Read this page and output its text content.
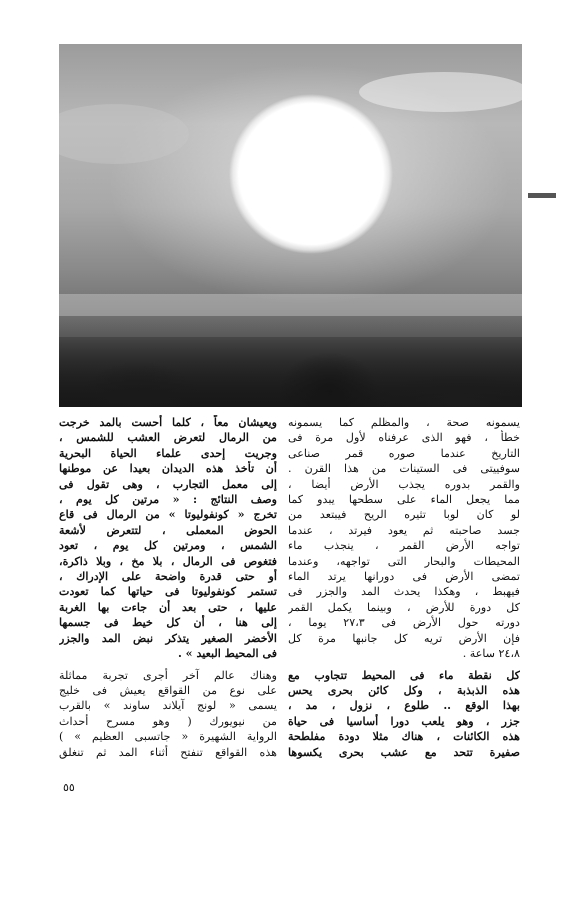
يسمونه صحة ، والمظلم كما يسمونه
خطأ ، فهو الذى عرفناه لأول مرة فى
التاريخ عندما صوره قمر صناعى
سوفييتى فى الستينات من هذا القرن .
والقمر بدوره يجذب الأرض أيضا ،
مما يجعل الماء على سطحها يبدو كما
لو كان لوبا تثيره الريح فيبتعد من
جسد صاحبته ثم يعود فيرتد ، عندما
تواجه الأرض القمر ، ينجذب ماء
المحيطات والبحار التى تواجهه، وعندما
تمضى الأرض فى دورانها يرتد الماء
فيهبط ، وهكذا يحدث المد والجزر فى
كل دورة للأرض ، وبينما يكمل القمر
دورته حول الأرض فى ٢٧،٣ يوما ،
فإن الأرض تريه كل جانبها مرة كل
٢٤،٨ ساعة .
كل نقطة ماء فى المحيط تتجاوب مع
هذه الذبذبة ، وكل كائن بحرى يحس
بهذا الوقع .. طلوع ، نزول ، مد ،
جزر ، وهو يلعب دورا أساسيا فى حياة
هذه الكائنات ، هناك مثلا دودة مفلطحة
صفيرة تتحد مع عشب بحرى يكسوها
ويعيشان معاً ، كلما أحست بالمد خرجت
من الرمال لتعرض العشب للشمس ،
وجريت إحدى علماء الحياة البحرية
أن تأخذ هذه الديدان بعيدا عن موطنها
إلى معمل التجارب ، وهى تقول فى
وصف النتائج : « مرتين كل يوم ،
تخرج « كونفوليوتا » من الرمال فى قاع
الحوض المعملى ، لتتعرض لأشعة
الشمس ، ومرتين كل يوم ، تعود
فتغوص فى الرمال ، بلا مخ ، وبلا ذاكرة،
أو حتى قدرة واضحة على الإدراك ،
تستمر كونفوليوتا فى حياتها كما تعودت
عليها ، حتى بعد أن جاءت بها الغربة
إلى هنا ، أن كل خيط فى جسمها
الأخضر الصغير يتذكر نبض المد والجزر
فى المحيط البعيد » .
وهناك عالم آخر أجرى تجربة مماثلة
على نوع من القواقع يعيش فى خليج
يسمى « لونج آيلاند ساوند » بالقرب
من نيويورك ( وهو مسرح أحداث
الرواية الشهيرة « جاتسبى العظيم » )
هذه القواقع تنفتح أثناء المد ثم تنغلق
٥٥
